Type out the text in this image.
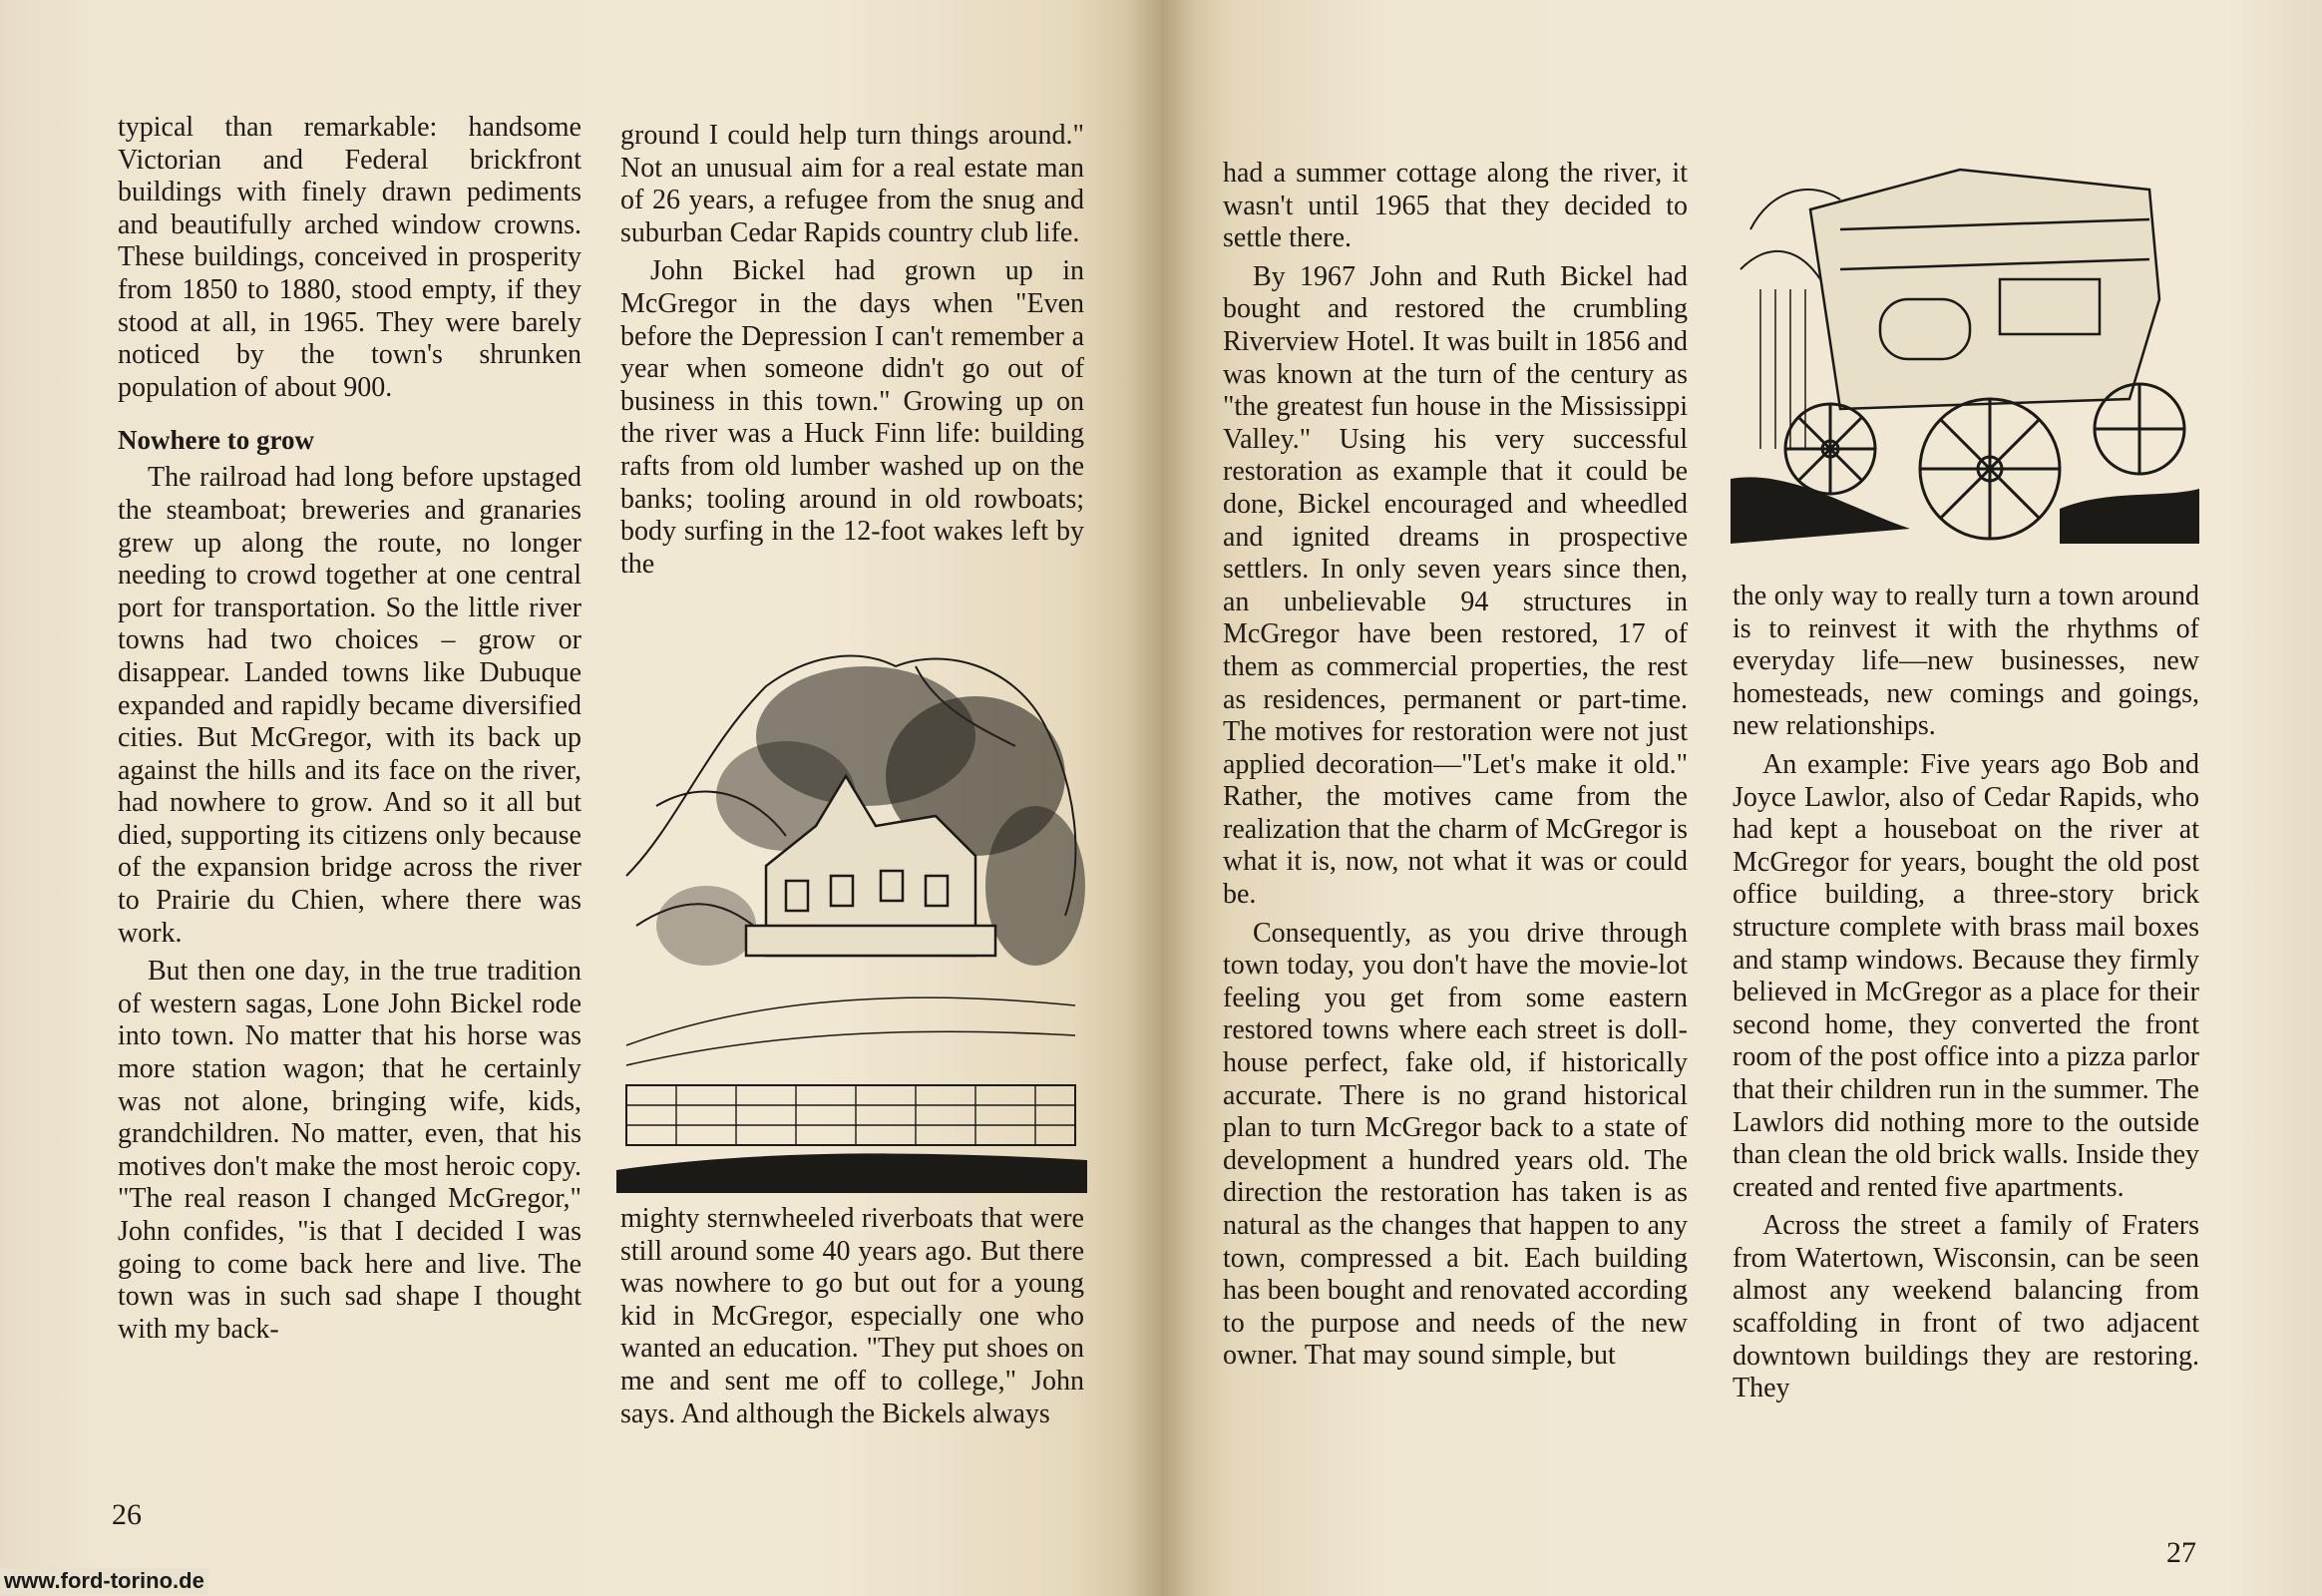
typical than remarkable: handsome Victorian and Federal brickfront buildings with finely drawn pediments and beautifully arched window crowns. These buildings, conceived in prosperity from 1850 to 1880, stood empty, if they stood at all, in 1965. They were barely noticed by the town's shrunken population of about 900.

Nowhere to grow

The railroad had long before upstaged the steamboat; breweries and granaries grew up along the route, no longer needing to crowd together at one central port for transportation. So the little river towns had two choices – grow or disappear. Landed towns like Dubuque expanded and rapidly became diversified cities. But McGregor, with its back up against the hills and its face on the river, had nowhere to grow. And so it all but died, supporting its citizens only because of the expansion bridge across the river to Prairie du Chien, where there was work.

But then one day, in the true tradition of western sagas, Lone John Bickel rode into town. No matter that his horse was more station wagon; that he certainly was not alone, bringing wife, kids, grandchildren. No matter, even, that his motives don't make the most heroic copy. "The real reason I changed McGregor," John confides, "is that I decided I was going to come back here and live. The town was in such sad shape I thought with my back-

ground I could help turn things around." Not an unusual aim for a real estate man of 26 years, a refugee from the snug and suburban Cedar Rapids country club life.

John Bickel had grown up in McGregor in the days when "Even before the Depression I can't remember a year when someone didn't go out of business in this town." Growing up on the river was a Huck Finn life: building rafts from old lumber washed up on the banks; tooling around in old rowboats; body surfing in the 12-foot wakes left by the

mighty sternwheeled riverboats that were still around some 40 years ago. But there was nowhere to go but out for a young kid in McGregor, especially one who wanted an education. "They put shoes on me and sent me off to college," John says. And although the Bickels always

26

had a summer cottage along the river, it wasn't until 1965 that they decided to settle there.

By 1967 John and Ruth Bickel had bought and restored the crumbling Riverview Hotel. It was built in 1856 and was known at the turn of the century as "the greatest fun house in the Mississippi Valley." Using his very successful restoration as example that it could be done, Bickel encouraged and wheedled and ignited dreams in prospective settlers. In only seven years since then, an unbelievable 94 structures in McGregor have been restored, 17 of them as commercial properties, the rest as residences, permanent or part-time. The motives for restoration were not just applied decoration—"Let's make it old." Rather, the motives came from the realization that the charm of McGregor is what it is, now, not what it was or could be.

Consequently, as you drive through town today, you don't have the movie-lot feeling you get from some eastern restored towns where each street is doll-house perfect, fake old, if historically accurate. There is no grand historical plan to turn McGregor back to a state of development a hundred years old. The direction the restoration has taken is as natural as the changes that happen to any town, compressed a bit. Each building has been bought and renovated according to the purpose and needs of the new owner. That may sound simple, but

the only way to really turn a town around is to reinvest it with the rhythms of everyday life—new businesses, new homesteads, new comings and goings, new relationships.

An example: Five years ago Bob and Joyce Lawlor, also of Cedar Rapids, who had kept a houseboat on the river at McGregor for years, bought the old post office building, a three-story brick structure complete with brass mail boxes and stamp windows. Because they firmly believed in McGregor as a place for their second home, they converted the front room of the post office into a pizza parlor that their children run in the summer. The Lawlors did nothing more to the outside than clean the old brick walls. Inside they created and rented five apartments.

Across the street a family of Fraters from Watertown, Wisconsin, can be seen almost any weekend balancing from scaffolding in front of two adjacent downtown buildings they are restoring. They

27
www.ford-torino.de
